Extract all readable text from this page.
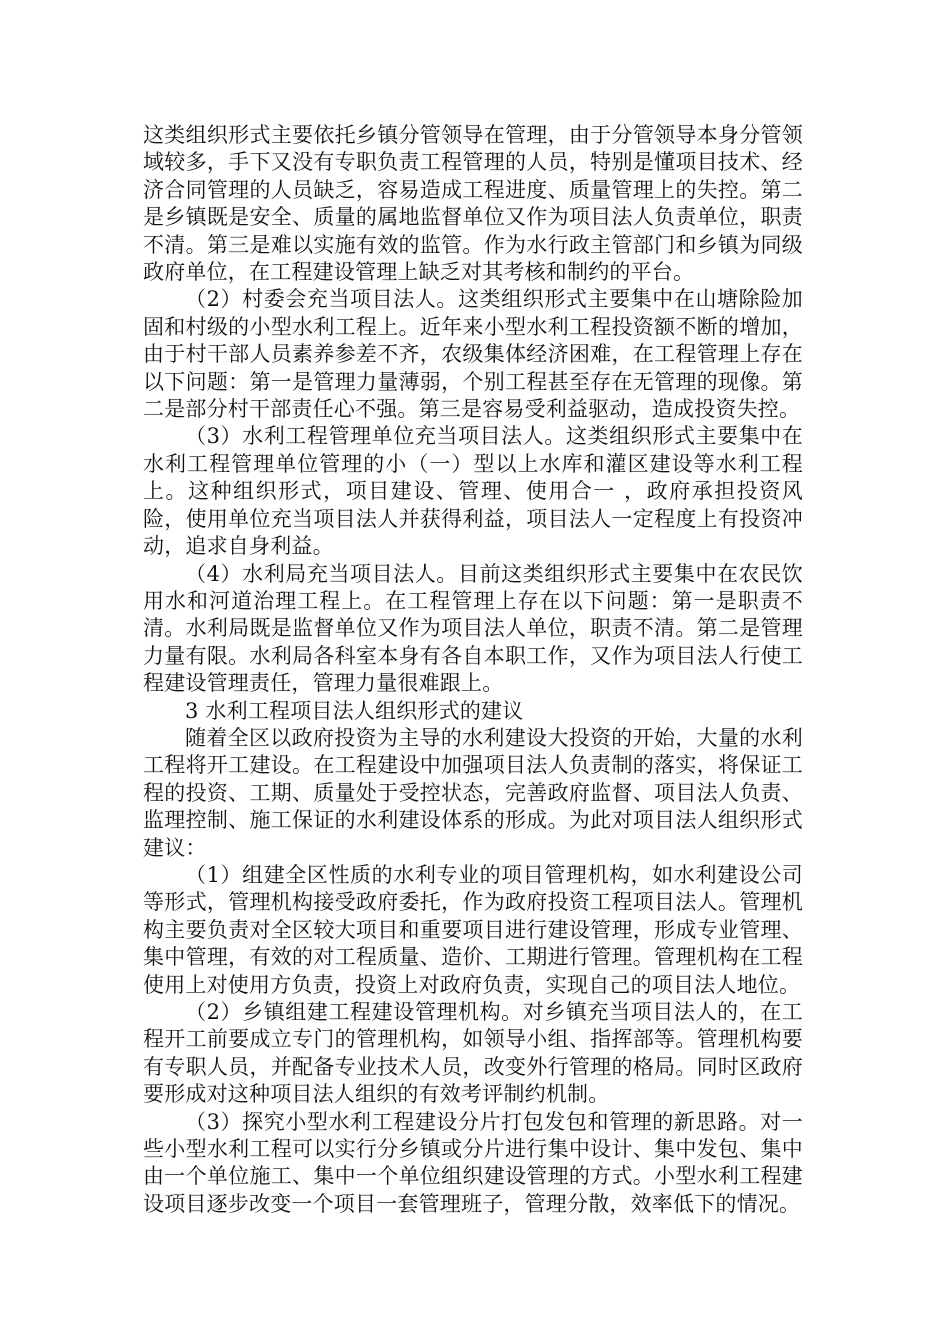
这类组织形式主要依托乡镇分管领导在管理，由于分管领导本身分管领域较多，手下又没有专职负责工程管理的人员，特别是懂项目技术、经济合同管理的人员缺乏，容易造成工程进度、质量管理上的失控。第二是乡镇既是安全、质量的属地监督单位又作为项目法人负责单位，职责不清。第三是难以实施有效的监管。作为水行政主管部门和乡镇为同级政府单位，在工程建设管理上缺乏对其考核和制约的平台。

（2）村委会充当项目法人。这类组织形式主要集中在山塘除险加固和村级的小型水利工程上。近年来小型水利工程投资额不断的增加，由于村干部人员素养参差不齐，农级集体经济困难，在工程管理上存在以下问题：第一是管理力量薄弱，个别工程甚至存在无管理的现像。第二是部分村干部责任心不强。第三是容易受利益驱动，造成投资失控。

（3）水利工程管理单位充当项目法人。这类组织形式主要集中在水利工程管理单位管理的小（一）型以上水库和灌区建设等水利工程上。这种组织形式，项目建设、管理、使用合一 ，政府承担投资风险，使用单位充当项目法人并获得利益，项目法人一定程度上有投资冲动，追求自身利益。

（4）水利局充当项目法人。目前这类组织形式主要集中在农民饮用水和河道治理工程上。在工程管理上存在以下问题：第一是职责不清。水利局既是监督单位又作为项目法人单位，职责不清。第二是管理力量有限。水利局各科室本身有各自本职工作，又作为项目法人行使工程建设管理责任，管理力量很难跟上。

3 水利工程项目法人组织形式的建议

随着全区以政府投资为主导的水利建设大投资的开始，大量的水利工程将开工建设。在工程建设中加强项目法人负责制的落实，将保证工程的投资、工期、质量处于受控状态，完善政府监督、项目法人负责、监理控制、施工保证的水利建设体系的形成。为此对项目法人组织形式建议：

（1）组建全区性质的水利专业的项目管理机构，如水利建设公司等形式，管理机构接受政府委托，作为政府投资工程项目法人。管理机构主要负责对全区较大项目和重要项目进行建设管理，形成专业管理、集中管理，有效的对工程质量、造价、工期进行管理。管理机构在工程使用上对使用方负责，投资上对政府负责，实现自己的项目法人地位。

（2）乡镇组建工程建设管理机构。对乡镇充当项目法人的，在工程开工前要成立专门的管理机构，如领导小组、指挥部等。管理机构要有专职人员，并配备专业技术人员，改变外行管理的格局。同时区政府要形成对这种项目法人组织的有效考评制约机制。

（3）探究小型水利工程建设分片打包发包和管理的新思路。对一些小型水利工程可以实行分乡镇或分片进行集中设计、集中发包、集中由一个单位施工、集中一个单位组织建设管理的方式。小型水利工程建设项目逐步改变一个项目一套管理班子，管理分散，效率低下的情况。
